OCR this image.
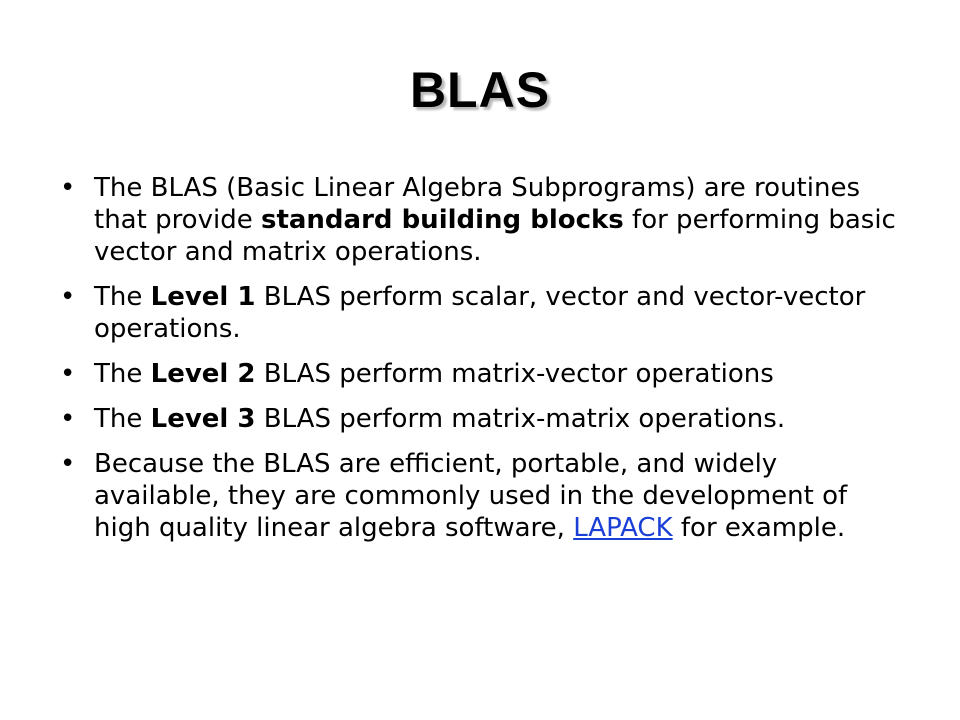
BLAS
• The BLAS (Basic Linear Algebra Subprograms) are routines that provide standard building blocks for performing basic vector and matrix operations.
• The Level 1 BLAS perform scalar, vector and vector-vector operations.
• The Level 2 BLAS perform matrix-vector operations
• The Level 3 BLAS perform matrix-matrix operations.
• Because the BLAS are efficient, portable, and widely available, they are commonly used in the development of high quality linear algebra software, LAPACK for example.
